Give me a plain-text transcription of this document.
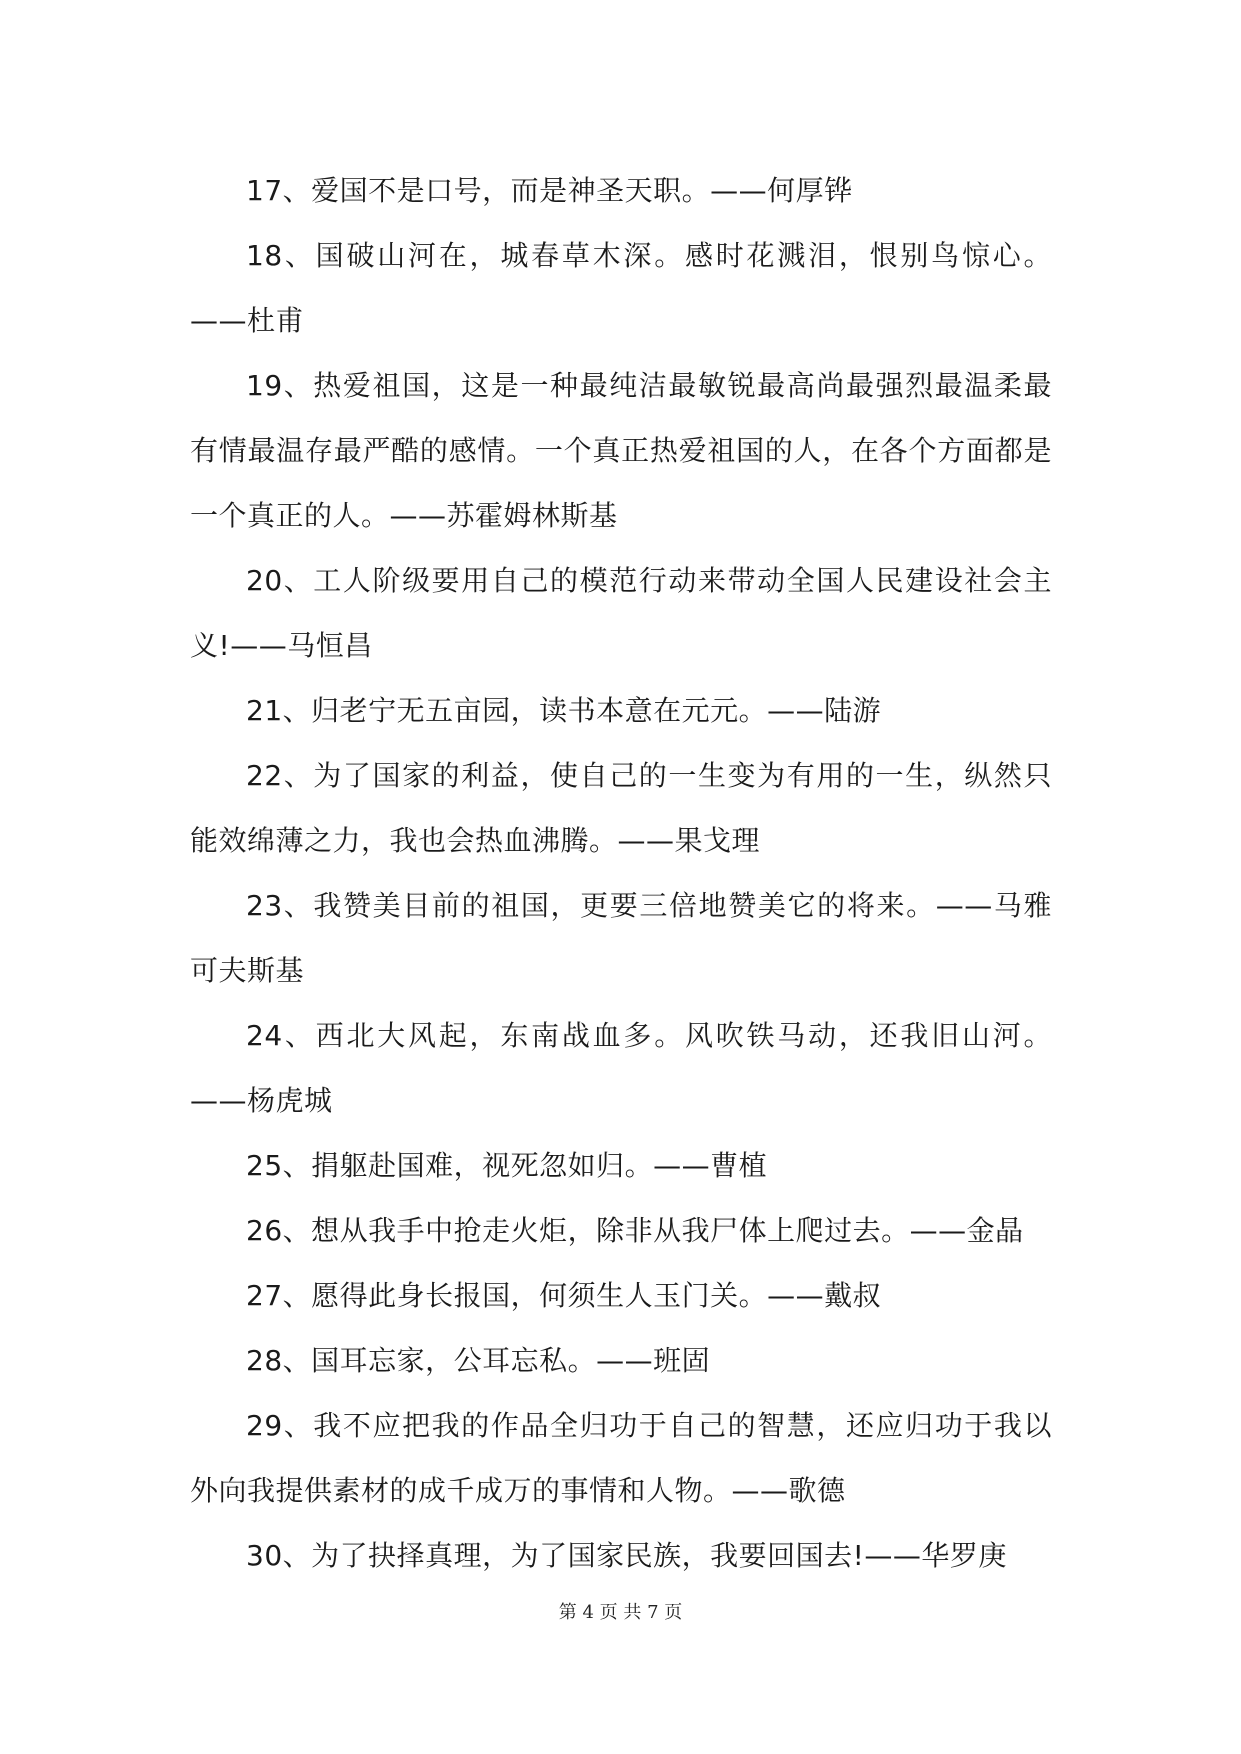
17、爱国不是口号，而是神圣天职。——何厚铧

18、国破山河在，城春草木深。感时花溅泪，恨别鸟惊心。——杜甫

19、热爱祖国，这是一种最纯洁最敏锐最高尚最强烈最温柔最有情最温存最严酷的感情。一个真正热爱祖国的人，在各个方面都是一个真正的人。——苏霍姆林斯基

20、工人阶级要用自己的模范行动来带动全国人民建设社会主义!——马恒昌

21、归老宁无五亩园，读书本意在元元。——陆游

22、为了国家的利益，使自己的一生变为有用的一生，纵然只能效绵薄之力，我也会热血沸腾。——果戈理

23、我赞美目前的祖国，更要三倍地赞美它的将来。——马雅可夫斯基

24、西北大风起，东南战血多。风吹铁马动，还我旧山河。——杨虎城

25、捐躯赴国难，视死忽如归。——曹植

26、想从我手中抢走火炬，除非从我尸体上爬过去。——金晶

27、愿得此身长报国，何须生人玉门关。——戴叔

28、国耳忘家，公耳忘私。——班固

29、我不应把我的作品全归功于自己的智慧，还应归功于我以外向我提供素材的成千成万的事情和人物。——歌德

30、为了抉择真理，为了国家民族，我要回国去!——华罗庚

第 4 页 共 7 页
